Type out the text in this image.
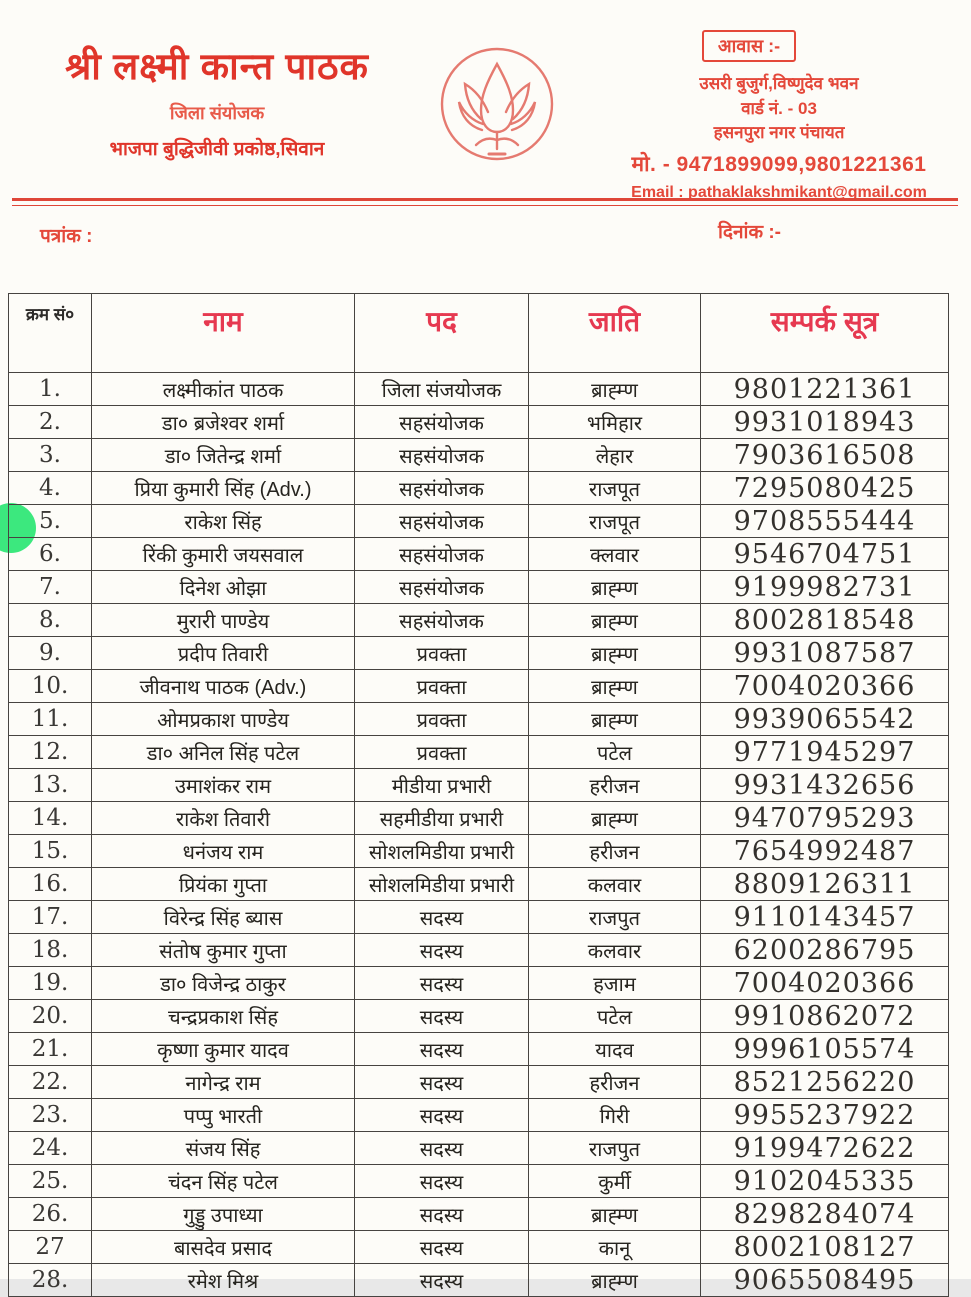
श्री लक्ष्मी कान्त पाठक
जिला संयोजक
भाजपा बुद्धिजीवी प्रकोष्ठ,सिवान
आवास :-
उसरी बुजुर्ग,विष्णुदेव भवन
वार्ड नं. - 03
हसनपुरा नगर पंचायत
मो. - 9471899099,9801221361
Email : pathaklakshmikant@gmail.com
पत्रांक :	दिनांक :-
क्रम सं०	नाम	पद	जाति	सम्पर्क सूत्र
1.	लक्ष्मीकांत पाठक	जिला संजयोजक	ब्राह्म्ण	9801221361
2.	डा० ब्रजेश्वर शर्मा	सहसंयोजक	भमिहार	9931018943
3.	डा० जितेन्द्र शर्मा	सहसंयोजक	लेहार	7903616508
4.	प्रिया कुमारी सिंह (Adv.)	सहसंयोजक	राजपूत	7295080425
5.	राकेश सिंह	सहसंयोजक	राजपूत	9708555444
6.	रिंकी कुमारी जयसवाल	सहसंयोजक	क्लवार	9546704751
7.	दिनेश ओझा	सहसंयोजक	ब्राह्म्ण	9199982731
8.	मुरारी पाण्डेय	सहसंयोजक	ब्राह्म्ण	8002818548
9.	प्रदीप तिवारी	प्रवक्ता	ब्राह्म्ण	9931087587
10.	जीवनाथ पाठक (Adv.)	प्रवक्ता	ब्राह्म्ण	7004020366
11.	ओमप्रकाश पाण्डेय	प्रवक्ता	ब्राह्म्ण	9939065542
12.	डा० अनिल सिंह पटेल	प्रवक्ता	पटेल	9771945297
13.	उमाशंकर राम	मीडीया प्रभारी	हरीजन	9931432656
14.	राकेश तिवारी	सहमीडीया प्रभारी	ब्राह्म्ण	9470795293
15.	धनंजय राम	सोशलमिडीया प्रभारी	हरीजन	7654992487
16.	प्रियंका गुप्ता	सोशलमिडीया प्रभारी	कलवार	8809126311
17.	विरेन्द्र सिंह ब्यास	सदस्य	राजपुत	9110143457
18.	संतोष कुमार गुप्ता	सदस्य	कलवार	6200286795
19.	डा० विजेन्द्र ठाकुर	सदस्य	हजाम	7004020366
20.	चन्द्रप्रकाश सिंह	सदस्य	पटेल	9910862072
21.	कृष्णा कुमार यादव	सदस्य	यादव	9996105574
22.	नागेन्द्र राम	सदस्य	हरीजन	8521256220
23.	पप्पु भारती	सदस्य	गिरी	9955237922
24.	संजय सिंह	सदस्य	राजपुत	9199472622
25.	चंदन सिंह पटेल	सदस्य	कुर्मी	9102045335
26.	गुड्डु उपाध्या	सदस्य	ब्राह्म्ण	8298284074
27	बासदेव प्रसाद	सदस्य	कानू	8002108127
28.	रमेश मिश्र	सदस्य	ब्राह्म्ण	9065508495
